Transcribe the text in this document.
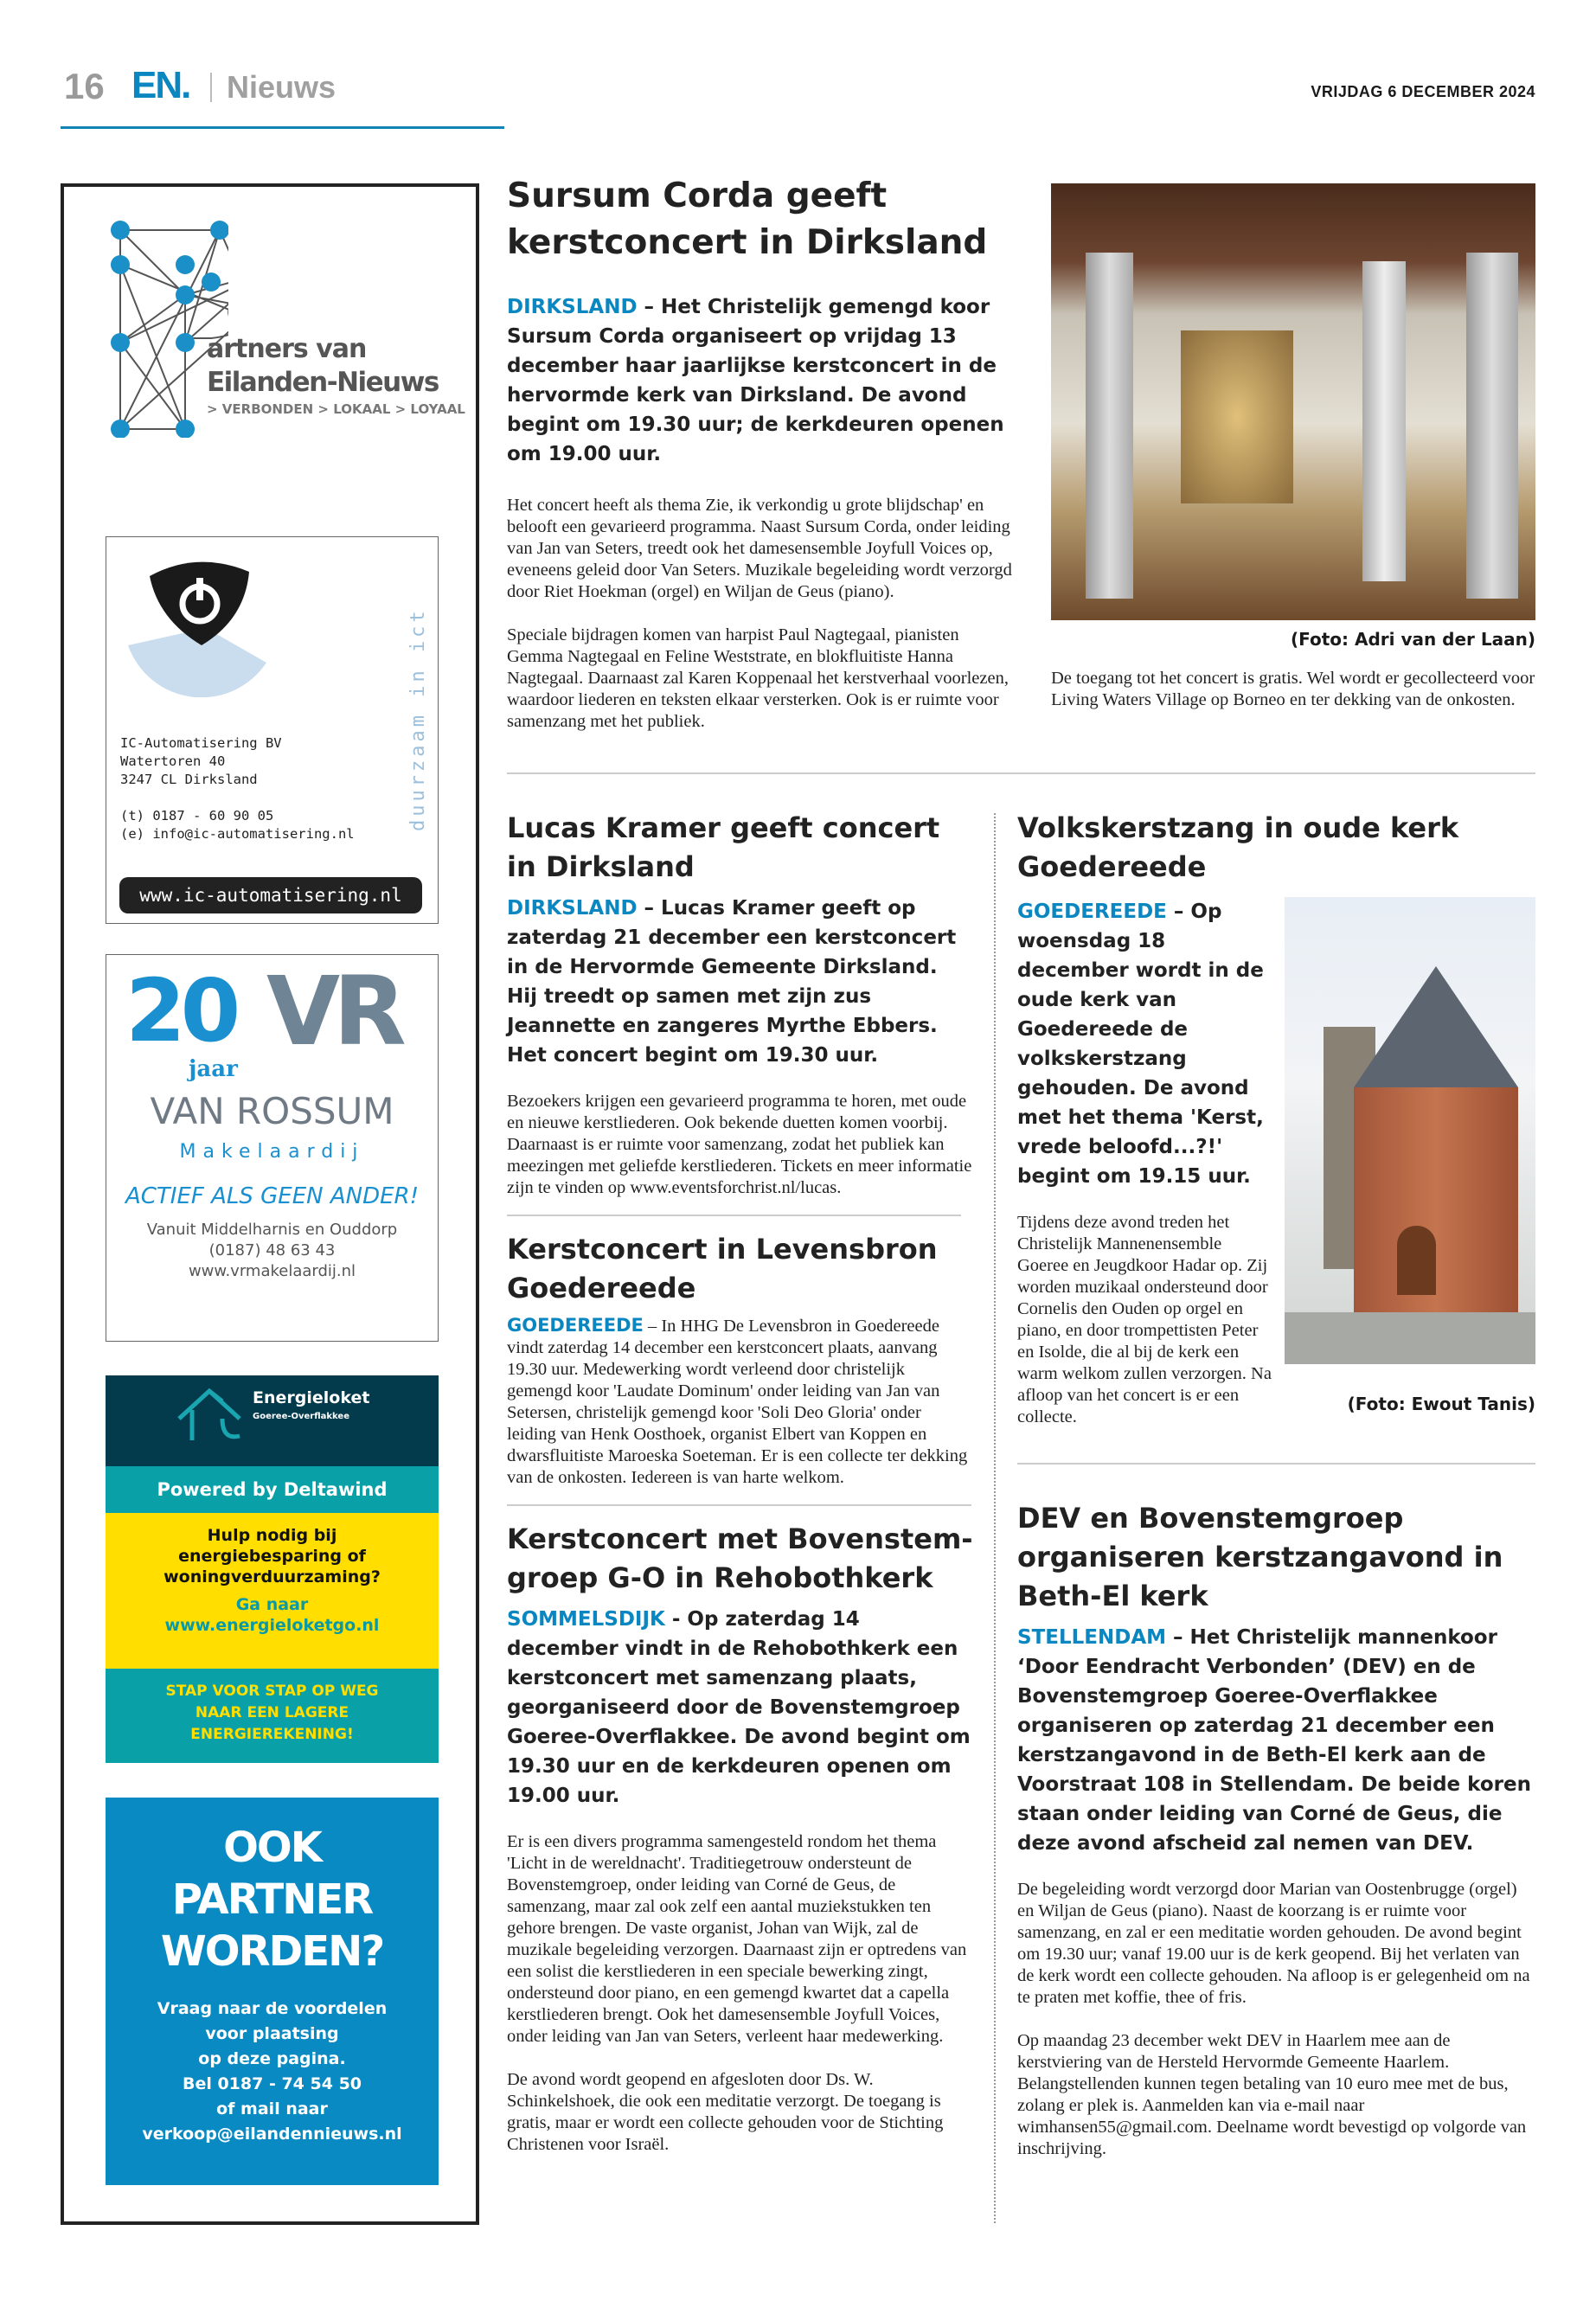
16 EN. Nieuws	VRIJDAG 6 DECEMBER 2024
artners van
Eilanden-Nieuws
> VERBONDEN > LOKAAL > LOYAAL
duurzaam in ict
IC-Automatisering BV
Watertoren 40
3247 CL Dirksland
(t) 0187 - 60 90 05
(e) info@ic-automatisering.nl
www.ic-automatisering.nl
20 VR
jaar
VAN ROSSUM
Makelaardij
ACTIEF ALS GEEN ANDER!
Vanuit Middelharnis en Ouddorp
(0187) 48 63 43
www.vrmakelaardij.nl
Energieloket
Goeree-Overflakkee
Powered by Deltawind
Hulp nodig bij energiebesparing of woningverduurzaming?
Ga naar
www.energieloketgo.nl
STAP VOOR STAP OP WEG NAAR EEN LAGERE ENERGIEREKENING!
OOK PARTNER WORDEN?
Vraag naar de voordelen
voor plaatsing
op deze pagina.
Bel 0187 - 74 54 50
of mail naar
verkoop@eilandennieuws.nl
Sursum Corda geeft kerstconcert in Dirksland

DIRKSLAND – Het Christelijk gemengd koor Sursum Corda organiseert op vrijdag 13 december haar jaarlijkse kerstconcert in de hervormde kerk van Dirksland. De avond begint om 19.30 uur; de kerkdeuren openen om 19.00 uur.

Het concert heeft als thema Zie, ik verkondig u grote blijdschap' en belooft een gevarieerd programma. Naast Sursum Corda, onder leiding van Jan van Seters, treedt ook het damesensemble Joyfull Voices op, eveneens geleid door Van Seters. Muzikale begeleiding wordt verzorgd door Riet Hoekman (orgel) en Wiljan de Geus (piano).

Speciale bijdragen komen van harpist Paul Nagtegaal, pianisten Gemma Nagtegaal en Feline Weststrate, en blokfluitiste Hanna Nagtegaal. Daarnaast zal Karen Koppenaal het kerstverhaal voorlezen, waardoor liederen en teksten elkaar versterken. Ook is er ruimte voor samenzang met het publiek.

(Foto: Adri van der Laan)

De toegang tot het concert is gratis. Wel wordt er gecollecteerd voor Living Waters Village op Borneo en ter dekking van de onkosten.

Lucas Kramer geeft concert in Dirksland

DIRKSLAND – Lucas Kramer geeft op zaterdag 21 december een kerstconcert in de Hervormde Gemeente Dirksland. Hij treedt op samen met zijn zus Jeannette en zangeres Myrthe Ebbers. Het concert begint om 19.30 uur.

Bezoekers krijgen een gevarieerd programma te horen, met oude en nieuwe kerstliederen. Ook bekende duetten komen voorbij. Daarnaast is er ruimte voor samenzang, zodat het publiek kan meezingen met geliefde kerstliederen. Tickets en meer informatie zijn te vinden op www.eventsforchrist.nl/lucas.

Kerstconcert in Levensbron Goedereede

GOEDEREEDE – In HHG De Levensbron in Goedereede vindt zaterdag 14 december een kerstconcert plaats, aanvang 19.30 uur. Medewerking wordt verleend door christelijk gemengd koor 'Laudate Dominum' onder leiding van Jan van Setersen, christelijk gemengd koor 'Soli Deo Gloria' onder leiding van Henk Oosthoek, organist Elbert van Koppen en dwarsfluitiste Maroeska Soeteman. Er is een collecte ter dekking van de onkosten. Iedereen is van harte welkom.

Kerstconcert met Bovenstem-groep G-O in Rehobothkerk

SOMMELSDIJK - Op zaterdag 14 december vindt in de Rehobothkerk een kerstconcert met samenzang plaats, georganiseerd door de Bovenstemgroep Goeree-Overflakkee. De avond begint om 19.30 uur en de kerkdeuren openen om 19.00 uur.

Er is een divers programma samengesteld rondom het thema 'Licht in de wereldnacht'. Traditiegetrouw ondersteunt de Bovenstemgroep, onder leiding van Corné de Geus, de samenzang, maar zal ook zelf een aantal muziekstukken ten gehore brengen. De vaste organist, Johan van Wijk, zal de muzikale begeleiding verzorgen. Daarnaast zijn er optredens van een solist die kerstliederen in een speciale bewerking zingt, ondersteund door piano, en een gemengd kwartet dat a capella kerstliederen brengt. Ook het damesensemble Joyfull Voices, onder leiding van Jan van Seters, verleent haar medewerking.

De avond wordt geopend en afgesloten door Ds. W. Schinkelshoek, die ook een meditatie verzorgt. De toegang is gratis, maar er wordt een collecte gehouden voor de Stichting Christenen voor Israël.

Volkskerstzang in oude kerk Goedereede

GOEDEREEDE – Op woensdag 18 december wordt in de oude kerk van Goedereede de volkskerstzang gehouden. De avond met het thema 'Kerst, vrede beloofd...?!' begint om 19.15 uur.

Tijdens deze avond treden het Christelijk Mannenensemble Goeree en Jeugdkoor Hadar op. Zij worden muzikaal ondersteund door Cornelis den Ouden op orgel en piano, en door trompettisten Peter en Isolde, die al bij de kerk een warm welkom zullen verzorgen. Na afloop van het concert is er een collecte.

(Foto: Ewout Tanis)
DEV en Bovenstemgroep organiseren kerstzangavond in Beth-El kerk

STELLENDAM – Het Christelijk mannenkoor ‘Door Eendracht Verbonden’ (DEV) en de Bovenstemgroep Goeree-Overflakkee organiseren op zaterdag 21 december een kerstzangavond in de Beth-El kerk aan de Voorstraat 108 in Stellendam. De beide koren staan onder leiding van Corné de Geus, die deze avond afscheid zal nemen van DEV.

De begeleiding wordt verzorgd door Marian van Oostenbrugge (orgel) en Wiljan de Geus (piano). Naast de koorzang is er ruimte voor samenzang, en zal er een meditatie worden gehouden. De avond begint om 19.30 uur; vanaf 19.00 uur is de kerk geopend. Bij het verlaten van de kerk wordt een collecte gehouden. Na afloop is er gelegenheid om na te praten met koffie, thee of fris.

Op maandag 23 december wekt DEV in Haarlem mee aan de kerstviering van de Hersteld Hervormde Gemeente Haarlem. Belangstellenden kunnen tegen betaling van 10 euro mee met de bus, zolang er plek is. Aanmelden kan via e-mail naar wimhansen55@gmail.com. Deelname wordt bevestigd op volgorde van inschrijving.
